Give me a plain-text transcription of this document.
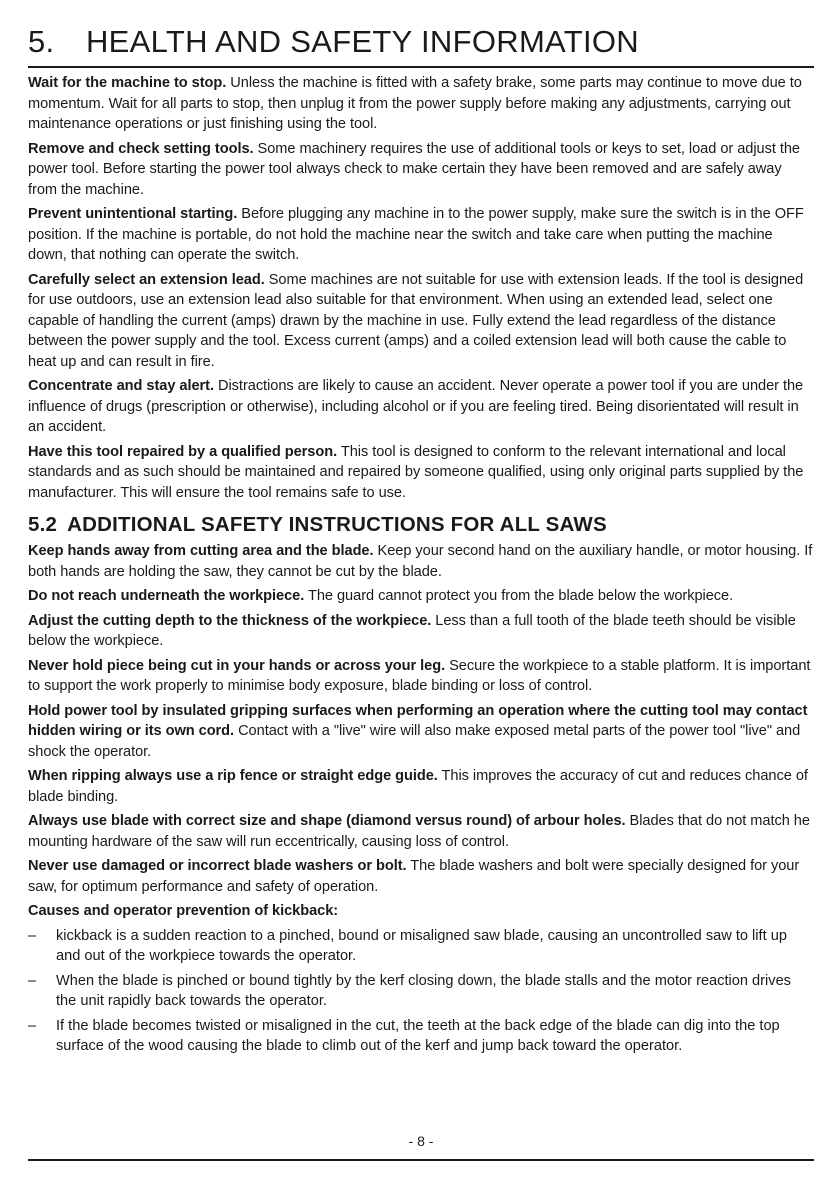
5. HEALTH AND SAFETY INFORMATION

Wait for the machine to stop. Unless the machine is fitted with a safety brake, some parts may continue to move due to momentum. Wait for all parts to stop, then unplug it from the power supply before making any adjustments, carrying out maintenance operations or just finishing using the tool.

Remove and check setting tools. Some machinery requires the use of additional tools or keys to set, load or adjust the power tool. Before starting the power tool always check to make certain they have been removed and are safely away from the machine.

Prevent unintentional starting. Before plugging any machine in to the power supply, make sure the switch is in the OFF position. If the machine is portable, do not hold the machine near the switch and take care when putting the machine down, that nothing can operate the switch.

Carefully select an extension lead. Some machines are not suitable for use with extension leads. If the tool is designed for use outdoors, use an extension lead also suitable for that environment. When using an extended lead, select one capable of handling the current (amps) drawn by the machine in use. Fully extend the lead regardless of the distance between the power supply and the tool. Excess current (amps) and a coiled extension lead will both cause the cable to heat up and can result in fire.

Concentrate and stay alert. Distractions are likely to cause an accident. Never operate a power tool if you are under the influence of drugs (prescription or otherwise), including alcohol or if you are feeling tired. Being disorientated will result in an accident.

Have this tool repaired by a qualified person. This tool is designed to conform to the relevant international and local standards and as such should be maintained and repaired by someone qualified, using only original parts supplied by the manufacturer. This will ensure the tool remains safe to use.

5.2 ADDITIONAL SAFETY INSTRUCTIONS FOR ALL SAWS

Keep hands away from cutting area and the blade. Keep your second hand on the auxiliary handle, or motor housing. If both hands are holding the saw, they cannot be cut by the blade.

Do not reach underneath the workpiece. The guard cannot protect you from the blade below the workpiece.

Adjust the cutting depth to the thickness of the workpiece. Less than a full tooth of the blade teeth should be visible below the workpiece.

Never hold piece being cut in your hands or across your leg. Secure the workpiece to a stable platform. It is important to support the work properly to minimise body exposure, blade binding or loss of control.

Hold power tool by insulated gripping surfaces when performing an operation where the cutting tool may contact hidden wiring or its own cord. Contact with a "live" wire will also make exposed metal parts of the power tool "live" and shock the operator.

When ripping always use a rip fence or straight edge guide. This improves the accuracy of cut and reduces chance of blade binding.

Always use blade with correct size and shape (diamond versus round) of arbour holes. Blades that do not match he mounting hardware of the saw will run eccentrically, causing loss of control.

Never use damaged or incorrect blade washers or bolt. The blade washers and bolt were specially designed for your saw, for optimum performance and safety of operation.

Causes and operator prevention of kickback:

– kickback is a sudden reaction to a pinched, bound or misaligned saw blade, causing an uncontrolled saw to lift up and out of the workpiece towards the operator.
– When the blade is pinched or bound tightly by the kerf closing down, the blade stalls and the motor reaction drives the unit rapidly back towards the operator.
– If the blade becomes twisted or misaligned in the cut, the teeth at the back edge of the blade can dig into the top surface of the wood causing the blade to climb out of the kerf and jump back toward the operator.
- 8 -
